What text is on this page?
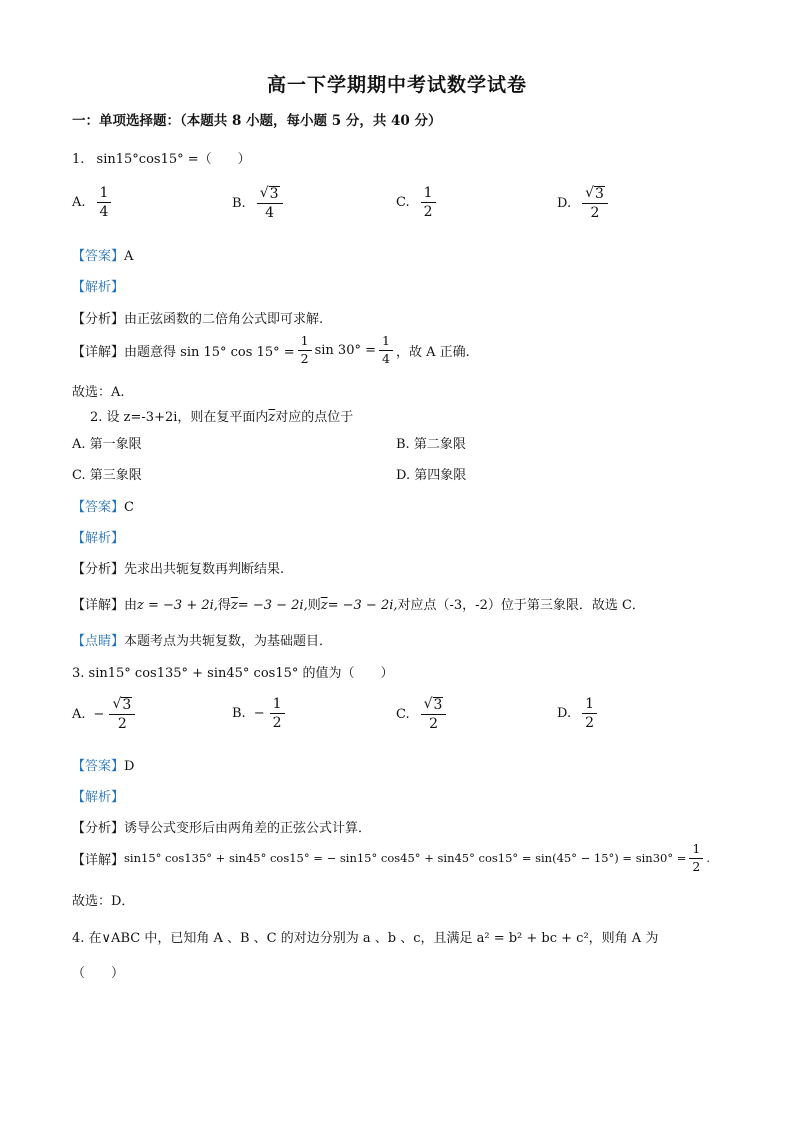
高一下学期期中考试数学试卷
一：单项选择题：（本题共 8 小题，每小题 5 分，共 40 分）
1. sin15°cos15° =（　　）
A. $\frac{1}{4}$	B. $\frac{√ 3}{4}$	C. $\frac{1}{2}$	D. $\frac{√ 3}{2}$
【答案】A
【解析】
【分析】由正弦函数的二倍角公式即可求解.
【详解】 由题意得 sin 15° $\cos 15^\circ = \frac{1}{2}$ $\sin 30^\circ = \frac{1}{4}$ ，故 A 正确.
故选：A.
2. 设 z=-3+2i，则在复平面内$\overline{z}$对应的点位于
A. 第一象限	B. 第二象限
C. 第三象限	D. 第四象限
【答案】C
【解析】
【分析】先求出共轭复数再判断结果.
【详解】由z = −3 + 2i,得$\overline{z}= -3 - 2i$,则$\overline{z}= -3 - 2i$,对应点（-3，-2）位于第三象限．故选 C．
【点睛】本题考点为共轭复数，为基础题目．
3. sin15° cos135° + sin45° cos15° 的值为（　　）
A. − $\frac{√ 3}{2}$	B. − $\frac{1}{2}$	C. $\frac{√ 3}{2}$	D. $\frac{1}{2}$
【答案】D
【解析】
【分析】诱导公式变形后由两角差的正弦公式计算．
【详解】 sin15° cos135° + sin45° cos15° = − sin15° cos45° + sin45° $\cos 15^\circ = \sin(45^\circ - 15^\circ) = \sin 30^\circ = \frac{1}{2}$ .
故选：D．
4. 在∨ABC 中，已知角 A 、B 、C 的对边分别为 a 、b 、c，且满足 a² = b² + bc + c²，则角 A 为
（　　）
